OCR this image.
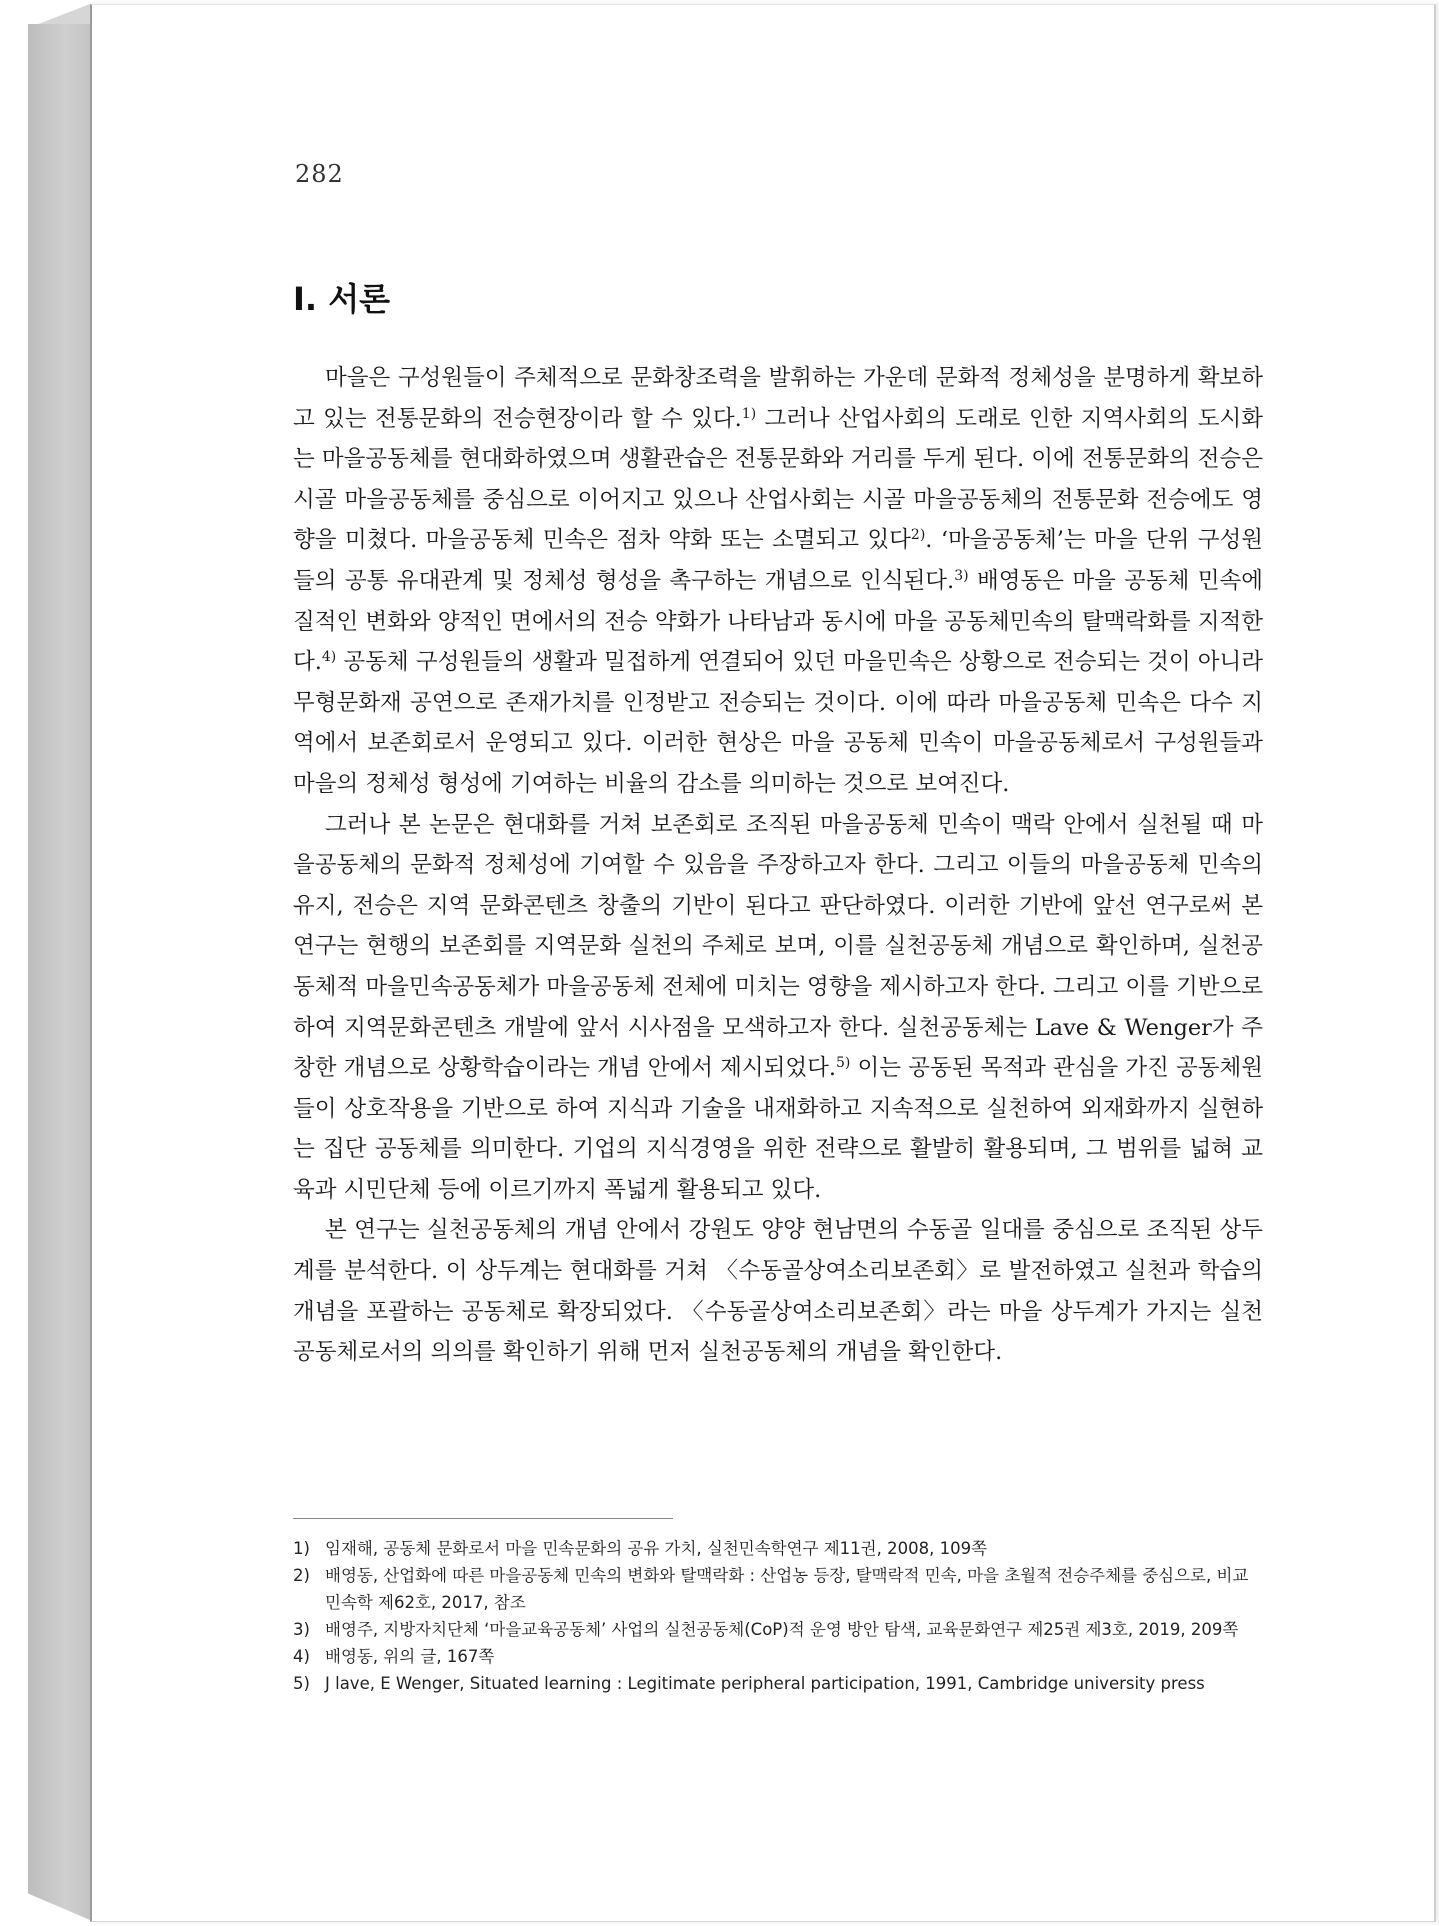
282
Ⅰ. 서론

마을은 구성원들이 주체적으로 문화창조력을 발휘하는 가운데 문화적 정체성을 분명하게 확보하고 있는 전통문화의 전승현장이라 할 수 있다.$^{1)}$ 그러나 산업사회의 도래로 인한 지역사회의 도시화는 마을공동체를 현대화하였으며 생활관습은 전통문화와 거리를 두게 된다. 이에 전통문화의 전승은 시골 마을공동체를 중심으로 이어지고 있으나 산업사회는 시골 마을공동체의 전통문화 전승에도 영향을 미쳤다. 마을공동체 민속은 점차 약화 또는 소멸되고 있다$^{2)}$. ‘마을공동체’는 마을 단위 구성원들의 공통 유대관계 및 정체성 형성을 촉구하는 개념으로 인식된다.$^{3)}$ 배영동은 마을 공동체 민속에 질적인 변화와 양적인 면에서의 전승 약화가 나타남과 동시에 마을 공동체민속의 탈맥락화를 지적한다.$^{4)}$ 공동체 구성원들의 생활과 밀접하게 연결되어 있던 마을민속은 상황으로 전승되는 것이 아니라 무형문화재 공연으로 존재가치를 인정받고 전승되는 것이다. 이에 따라 마을공동체 민속은 다수 지역에서 보존회로서 운영되고 있다. 이러한 현상은 마을 공동체 민속이 마을공동체로서 구성원들과 마을의 정체성 형성에 기여하는 비율의 감소를 의미하는 것으로 보여진다.

그러나 본 논문은 현대화를 거쳐 보존회로 조직된 마을공동체 민속이 맥락 안에서 실천될 때 마을공동체의 문화적 정체성에 기여할 수 있음을 주장하고자 한다. 그리고 이들의 마을공동체 민속의 유지, 전승은 지역 문화콘텐츠 창출의 기반이 된다고 판단하였다. 이러한 기반에 앞선 연구로써 본 연구는 현행의 보존회를 지역문화 실천의 주체로 보며, 이를 실천공동체 개념으로 확인하며, 실천공동체적 마을민속공동체가 마을공동체 전체에 미치는 영향을 제시하고자 한다. 그리고 이를 기반으로 하여 지역문화콘텐츠 개발에 앞서 시사점을 모색하고자 한다. 실천공동체는 Lave & Wenger가 주창한 개념으로 상황학습이라는 개념 안에서 제시되었다.$^{5)}$ 이는 공동된 목적과 관심을 가진 공동체원들이 상호작용을 기반으로 하여 지식과 기술을 내재화하고 지속적으로 실천하여 외재화까지 실현하는 집단 공동체를 의미한다. 기업의 지식경영을 위한 전략으로 활발히 활용되며, 그 범위를 넓혀 교육과 시민단체 등에 이르기까지 폭넓게 활용되고 있다.

본 연구는 실천공동체의 개념 안에서 강원도 양양 현남면의 수동골 일대를 중심으로 조직된 상두계를 분석한다. 이 상두계는 현대화를 거쳐 〈수동골상여소리보존회〉로 발전하였고 실천과 학습의 개념을 포괄하는 공동체로 확장되었다. 〈수동골상여소리보존회〉라는 마을 상두계가 가지는 실천공동체로서의 의의를 확인하기 위해 먼저 실천공동체의 개념을 확인한다.

1) 임재해, 공동체 문화로서 마을 민속문화의 공유 가치, 실천민속학연구 제11권, 2008, 109쪽
2) 배영동, 산업화에 따른 마을공동체 민속의 변화와 탈맥락화 : 산업농 등장, 탈맥락적 민속, 마을 초월적 전승주체를 중심으로, 비교민속학 제62호, 2017, 참조
3) 배영주, 지방자치단체 ‘마을교육공동체’ 사업의 실천공동체(CoP)적 운영 방안 탐색, 교육문화연구 제25권 제3호, 2019, 209쪽
4) 배영동, 위의 글, 167쪽
5) J lave, E Wenger, Situated learning : Legitimate peripheral participation, 1991, Cambridge university press
